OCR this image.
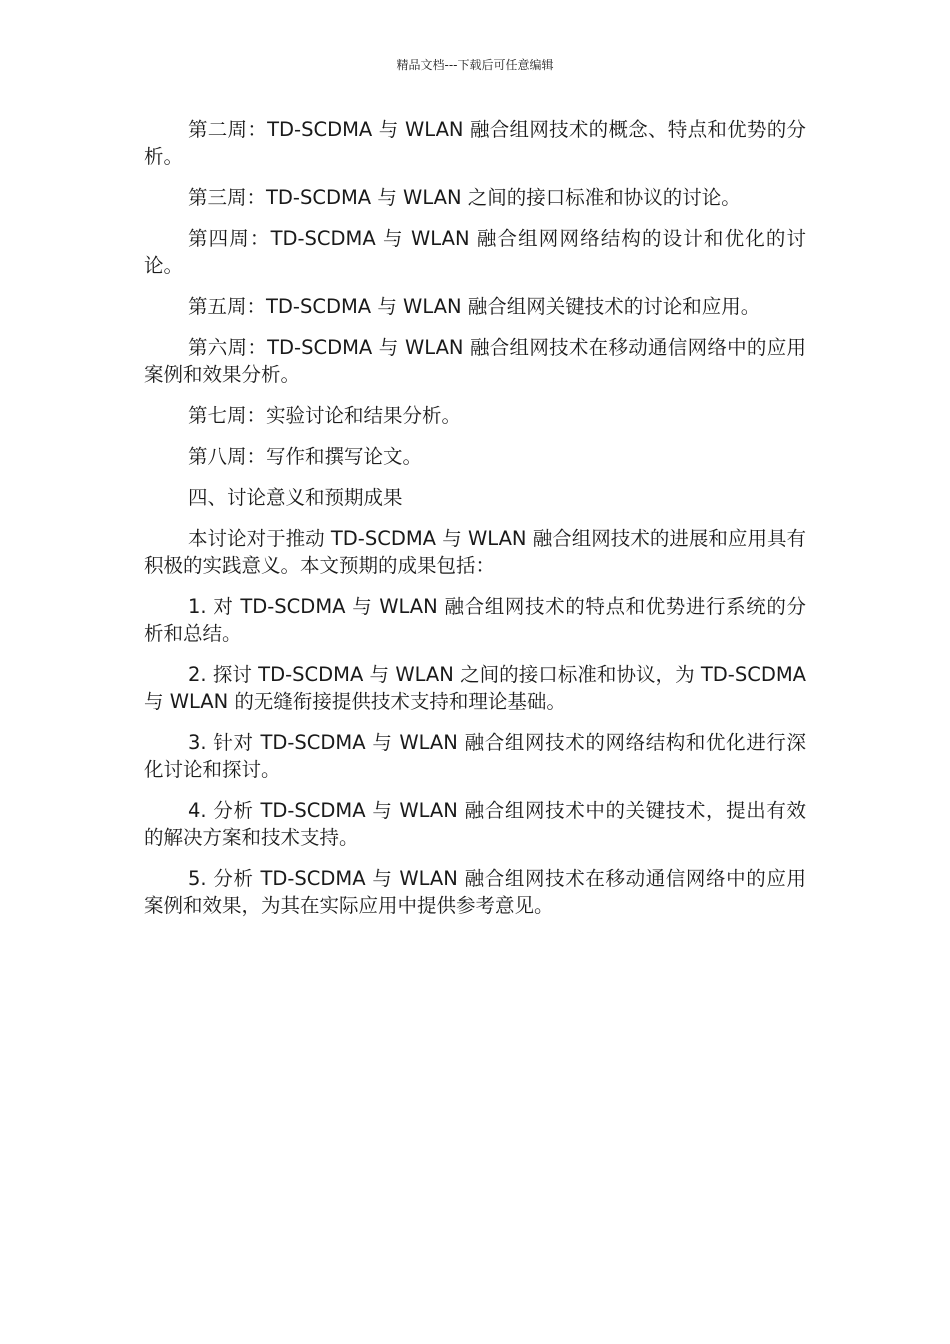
精品文档---下载后可任意编辑

第二周：TD-SCDMA 与 WLAN 融合组网技术的概念、特点和优势的分析。

第三周：TD-SCDMA 与 WLAN 之间的接口标准和协议的讨论。

第四周：TD-SCDMA 与 WLAN 融合组网网络结构的设计和优化的讨论。

第五周：TD-SCDMA 与 WLAN 融合组网关键技术的讨论和应用。

第六周：TD-SCDMA 与 WLAN 融合组网技术在移动通信网络中的应用案例和效果分析。

第七周：实验讨论和结果分析。

第八周：写作和撰写论文。

四、讨论意义和预期成果

本讨论对于推动 TD-SCDMA 与 WLAN 融合组网技术的进展和应用具有积极的实践意义。本文预期的成果包括：

1. 对 TD-SCDMA 与 WLAN 融合组网技术的特点和优势进行系统的分析和总结。

2. 探讨 TD-SCDMA 与 WLAN 之间的接口标准和协议，为 TD-SCDMA 与 WLAN 的无缝衔接提供技术支持和理论基础。

3. 针对 TD-SCDMA 与 WLAN 融合组网技术的网络结构和优化进行深化讨论和探讨。

4. 分析 TD-SCDMA 与 WLAN 融合组网技术中的关键技术，提出有效的解决方案和技术支持。

5. 分析 TD-SCDMA 与 WLAN 融合组网技术在移动通信网络中的应用案例和效果，为其在实际应用中提供参考意见。
